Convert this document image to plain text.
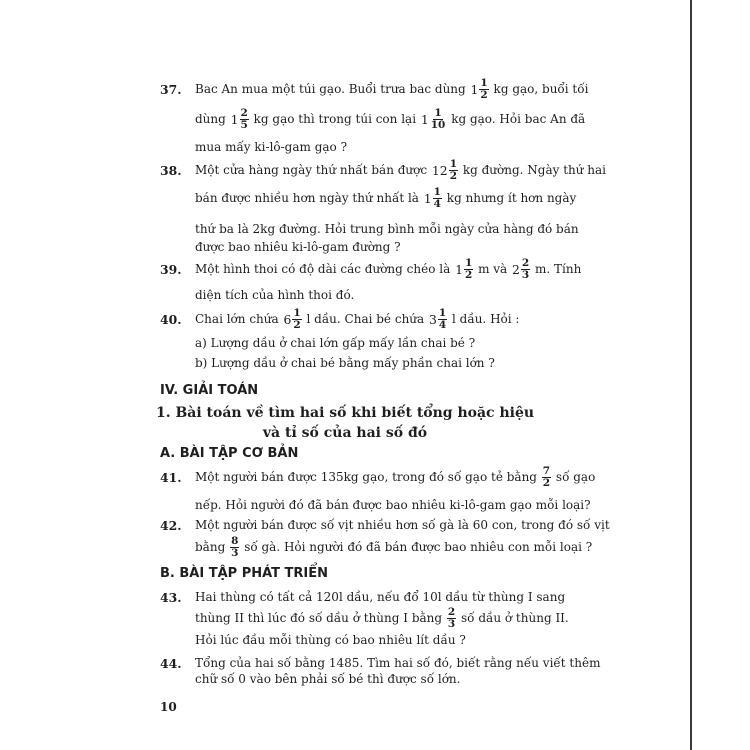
37. Bac An mua một túi gạo. Buổi trưa bac dùng $1 \frac{1}{2}$ kg gạo, buổi tối
dùng $1 \frac{2}{5}$ kg gạo thì trong túi con lại $1 \frac{1}{10}$ kg gạo. Hỏi bac An đã
mua mấy ki-lô-gam gạo ?
38. Một cửa hàng ngày thứ nhất bán được $12 \frac{1}{2}$ kg đường. Ngày thứ hai
bán được nhiều hơn ngày thứ nhất là $1 \frac{1}{4}$ kg nhưng ít hơn ngày
thứ ba là 2kg đường. Hỏi trung bình mỗi ngày cửa hàng đó bán
được bao nhiêu ki-lô-gam đường ?
39. Một hình thoi có độ dài các đường chéo là $1 \frac{1}{2}$ m và $2 \frac{2}{3} m$. Tính
diện tích của hình thoi đó.
40. Chai lớn chứa $6 \frac{1}{2}$ l dầu. Chai bé chứa $3 \frac{1}{4}$ l dầu. Hỏi :
41. Một người bán được 135kg gạo, trong đó số gạo tẻ bằng $\frac{7}{2}$ số gạo
nếp. Hỏi người đó đã bán được bao nhiêu ki-lô-gam gạo mỗi loại?
42. Một người bán được số vịt nhiều hơn số gà là 60 con, trong đó số vịt
bằng $\frac{8}{3}$ số gà. Hỏi người đó đã bán được bao nhiêu con mỗi loại ?
43. Hai thùng có tất cả 120l dầu, nếu đổ 10l dầu từ thùng I sang
thùng II thì lúc đó số dầu ở thùng I bằng $\frac{2}{3}$ số dầu ở thùng II.
Hỏi lúc đầu mỗi thùng có bao nhiêu lít dầu ?
44. Tổng của hai số bằng 1485. Tìm hai số đó, biết rằng nếu viết thêm
chữ số 0 vào bên phải số bé thì được số lớn.
IV. GIẢI TOÁN
1. Bài toán về tìm hai số khi biết tổng hoặc hiệu
và tỉ số của hai số đó
A. BÀI TẬP CƠ BẢN
B. BÀI TẬP PHÁT TRIỂN
a) Lượng dầu ở chai lớn gấp mấy lần chai bé ?
b) Lượng dầu ở chai bé bằng mấy phần chai lớn ?
10
